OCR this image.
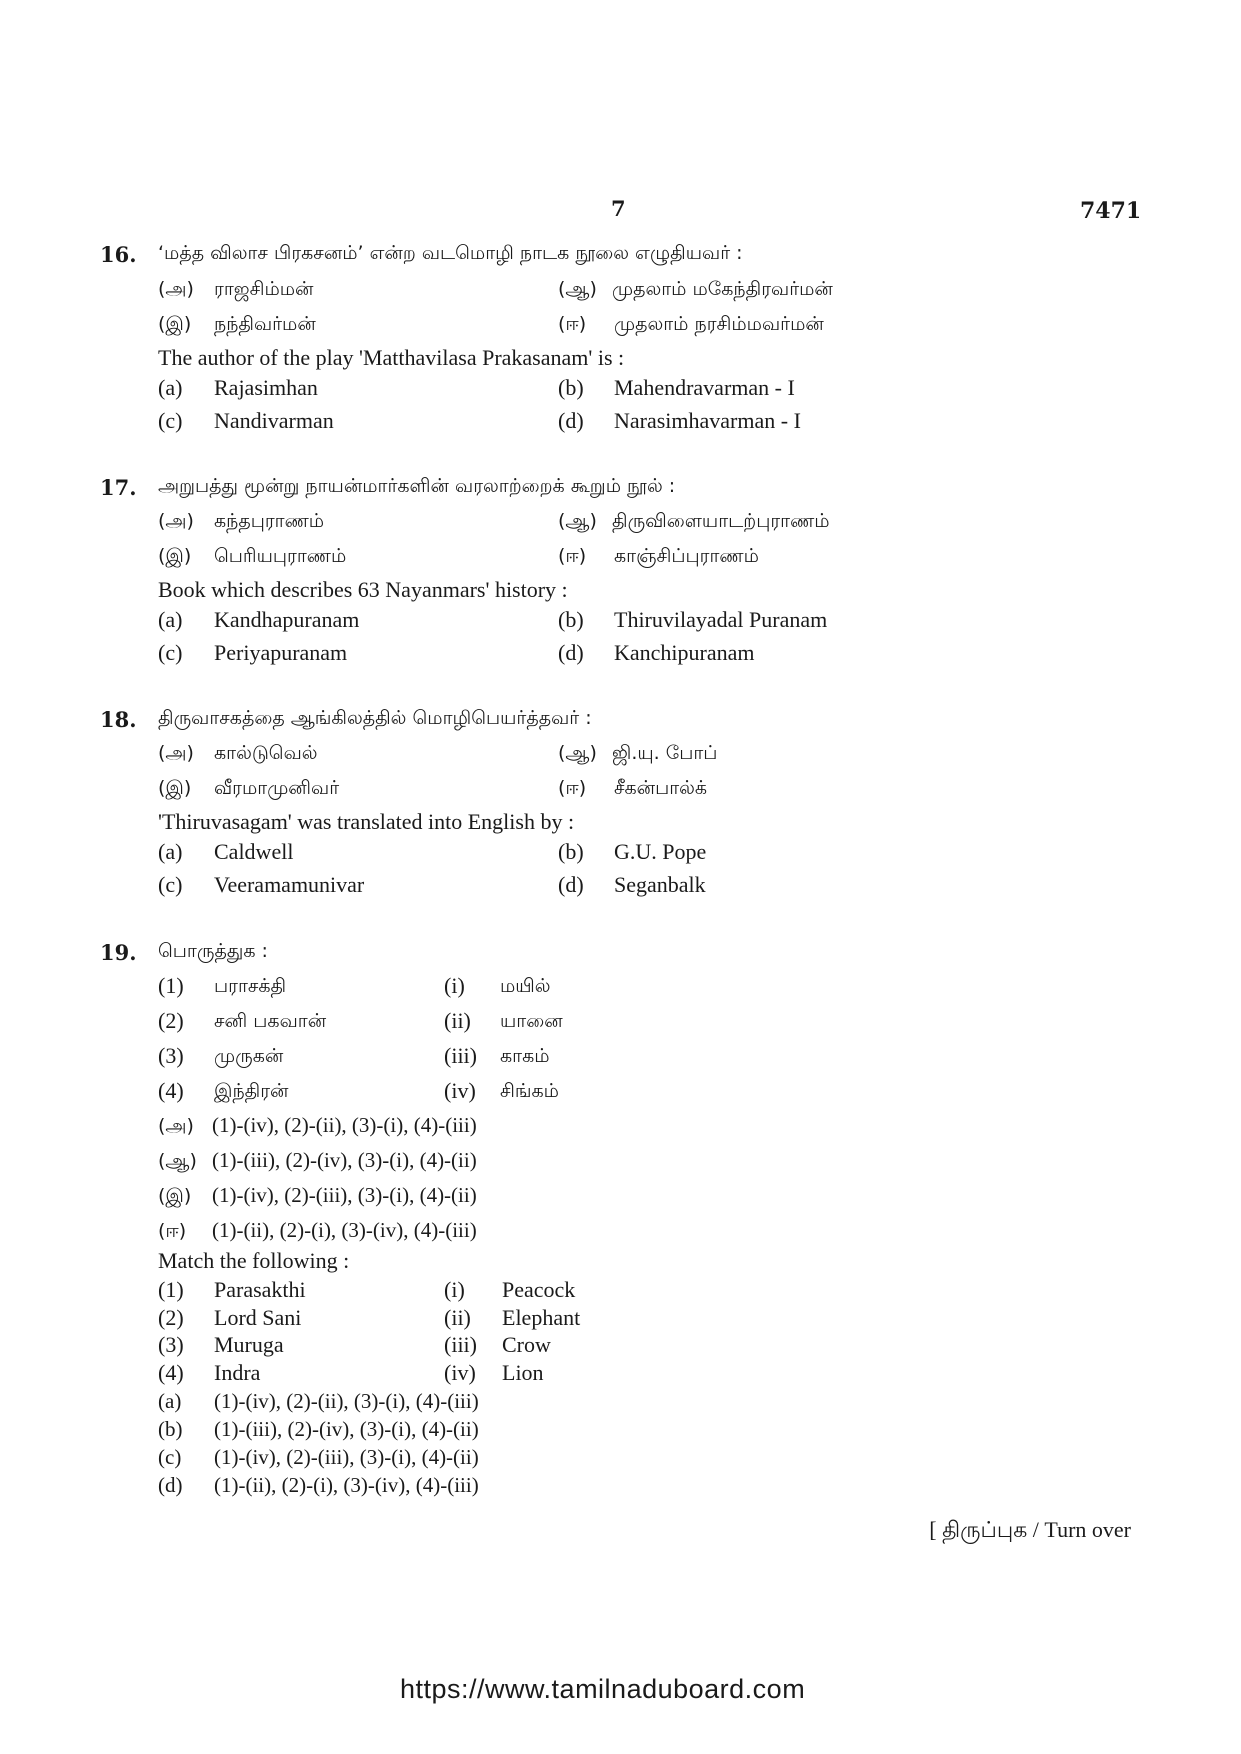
7	7471
16. ‘மத்த விலாச பிரகசனம்’ என்ற வடமொழி நாடக நூலை எழுதியவர் :
(அ) ராஜசிம்மன்	(ஆ) முதலாம் மகேந்திரவர்மன்
(இ) நந்திவர்மன்	(ஈ) முதலாம் நரசிம்மவர்மன்
The author of the play 'Matthavilasa Prakasanam' is :
(a) Rajasimhan	(b) Mahendravarman - I
(c) Nandivarman	(d) Narasimhavarman - I
17. அறுபத்து மூன்று நாயன்மார்களின் வரலாற்றைக் கூறும் நூல் :
(அ) கந்தபுராணம்	(ஆ) திருவிளையாடற்புராணம்
(இ) பெரியபுராணம்	(ஈ) காஞ்சிப்புராணம்
Book which describes 63 Nayanmars' history :
(a) Kandhapuranam	(b) Thiruvilayadal Puranam
(c) Periyapuranam	(d) Kanchipuranam
18. திருவாசகத்தை ஆங்கிலத்தில் மொழிபெயர்த்தவர் :
(அ) கால்டுவெல்	(ஆ) ஜி.யு. போப்
(இ) வீரமாமுனிவர்	(ஈ) சீகன்பால்க்
'Thiruvasagam' was translated into English by :
(a) Caldwell	(b) G.U. Pope
(c) Veeramamunivar	(d) Seganbalk
19. பொருத்துக :
(1) பராசக்தி	(i) மயில்
(2) சனி பகவான்	(ii) யானை
(3) முருகன்	(iii) காகம்
(4) இந்திரன்	(iv) சிங்கம்
(அ) (1)-(iv), (2)-(ii), (3)-(i), (4)-(iii)
(ஆ) (1)-(iii), (2)-(iv), (3)-(i), (4)-(ii)
(இ) (1)-(iv), (2)-(iii), (3)-(i), (4)-(ii)
(ஈ) (1)-(ii), (2)-(i), (3)-(iv), (4)-(iii)
Match the following :
(1) Parasakthi	(i) Peacock
(2) Lord Sani	(ii) Elephant
(3) Muruga	(iii) Crow
(4) Indra	(iv) Lion
(a) (1)-(iv), (2)-(ii), (3)-(i), (4)-(iii)
(b) (1)-(iii), (2)-(iv), (3)-(i), (4)-(ii)
(c) (1)-(iv), (2)-(iii), (3)-(i), (4)-(ii)
(d) (1)-(ii), (2)-(i), (3)-(iv), (4)-(iii)
[ திருப்புக / Turn over
https://www.tamilnaduboard.com
